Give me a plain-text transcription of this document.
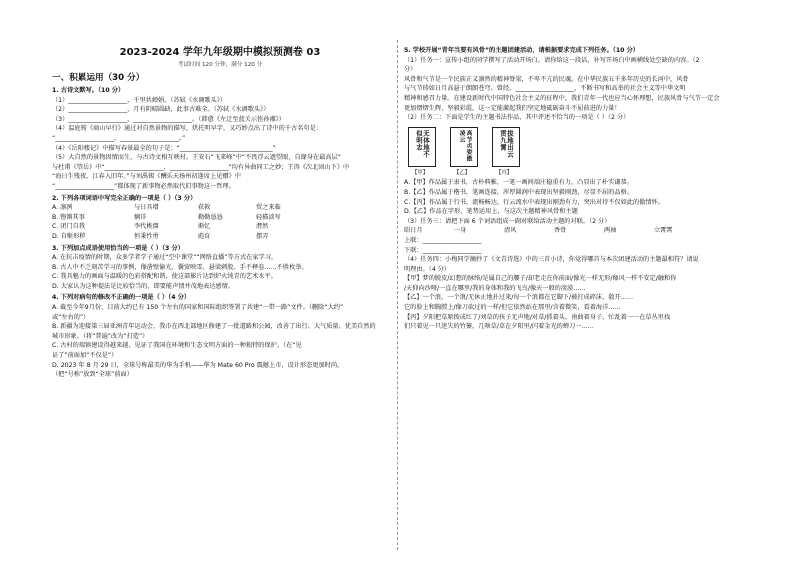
2023-2024 学年九年级期中模拟预测卷 03
考试时间 120 分钟，满分 120 分
一、积累运用（30 分）
1. 古诗文默写。（10 分）
（1）___________________，千里共婵娟。（苏轼《水调歌头》）
（2）___________________，月有阴晴圆缺，此事古难全。（苏轼《水调歌头》）
（3）___________________，___________________。（韩愈《左迁至蓝关示侄孙湘》）
（4）温庭筠《商山早行》通过对自然景物的描写，烘托明早字，又巧妙点出了诗中的千古名句是：
“___________________，___________________。”
（4）《岳阳楼记》中描写春景最全的句子是：“______________________________”
（5）大自然的景物因情而生，与古诗文相互映衬。王安石“飞来峰”中“不畏浮云遮望眼，自缘身在最高层”
与杜甫《望岳》中“___________________，___________________”均有异曲同工之妙；王涛《次北固山下》中
“海日生残夜，江春入旧年。”与刘禹锡《酬乐天扬州初逢席上见赠》中
“___________________”都体现了新事物必然取代旧事物这一哲理。
2. 下列各项词语中写完全正确的一项是（ ）（3 分）
A. 凛冽	与日具增	获救	贸之来临
B. 铿锵其事	娴详	勤勤恳恳	轻描淡写
C. 闭门自我	李代桃僵	渐忆	潸然
D. 自惭形秽	恒秉性勇	彪育	摆弄
3. 下列加点成语使用恰当的一项是（ ）（3 分）
A. 在抗击疫情的时期，众多学者学子通过“空中课堂”“网络直播”等方式在家学习。
B. 古人中不乏刻苦学习的事例，像凿壁偷光、囊萤映雪、悬梁刺股、手不释卷……不胜枚举。
C. 我具魅力的画面与温暖的色彩搭配和谐，使这部影片达到炉火纯青的艺术水平。
D. 大家认为这种提法是比较恰当的，即要能声情并茂地表达感情。
4. 下列对病句的修改不正确的一项是（ ）（4 分）
A. 截至今年9月份，目前大约已有 150 个左右的国家和国际组织签署了共建“一带一路”文件。（删除“大约”
或“左右的”）
B. 新疆为迎接第三届亚洲青年运动会，我市在西北部地区修建了一批道路和公园，改善了出行、大气质量、优美自然的
城市形象。（将“普遍”改为“打造”）
C. 古村的瑞镇建设得越来越，见证了我国在环境和生态文明方面的一种独特的保护。（在“见
证了”前面加“不仅是”）
D. 2023 年 8 月 29 日，全球号称最美的华为手机——华为 Mate 60 Pro 震撼上市，设计形态更加时尚。
（把“号称”放到“全球”前面）
5. 学校开展“青年当要有风骨”的主题团建活动，请根据要求完成下列任务。（10 分）
（1）任务一：宣传小组的同学撰写了活动开场白，请你给这一段话，补写开场白中画横线处空缺的内容。（2
分）
风骨和气节是一个民族正义凛然的精神脊梁，不卑不亢的民魂。在中华民族五千多年历史的长河中，风骨
与气节铸如日月高悬于朗朗苍穹。曾经，___________________，不断书写和高举的社会主义等中华文明
精神和感召力量。在建设新时代中国特色社会主义的征程中，我们青年一代也应当心怀理想，民族风骨与气节一定会
更加熠熠生辉、坚毅彩霞，这一定能激起我们坚定地砥砺奋斗不屈前进的力量！
（2）任务二：下面是学生的主题书法作品，其中评述不恰当的一项是（ ）（2 分）
无体地不似明志	高节贞姿傲凌云	拔地出云贯九霄
【甲】	【乙】	【丙】
A.【甲】作品属于隶书，古朴典雅，一笔一画间端庄稳重有力，凸显出了朴实谦恭。
B.【乙】作品属于楷书，笔画连接，浑厚圆润中表现出坚毅刚劲，尽显不屈的品格。
C.【丙】作品属于行书，流畅畅达，行云流水中表现出刚劲有力，突出对待不仅如此的傲情怀。
D.【乙】作品在字形，笔势运用上，与这次主题精神风骨和主题
（3）任务三：请把下面 6 个词语组成一副对联给活动主题的对联。（2 分）
昭日月	一身	清风	香骨	两袖	立霄霄
上联：___________________
下联：___________________
（4）任务四：小梅同学摘抄了《文青诗选》中的三首小诗，你觉得哪首与本次团建活动的主题最相符？请说
明理由。（4 分）
【甲】梦的脱皮/幻想的脉络/是属自己的腰子/却老走在你前面/像光一样无形/像风一样不安定/触和你
/天仰向沙哑/一直在哪里/我的身体和我的飞鸟/像天一般的淡漠……
【乙】一个浪，一个浪/无休止地扑过来/每一个浪都在它脚下/被打成碎沫，散开……
它的脸上和胸膛上/像刀砍过的一样/但它依然站在那里/含着微笑，看着海洋……
【丙】夕阳把草原拨成红了/刘草的孩子无声地/对草/抓着头，南曲着身子，忙乱着一一在草丛里找
们只着见一只迷失的竹篓，几啥草/草在夕阳里/闪着金光的蝉刀一……
